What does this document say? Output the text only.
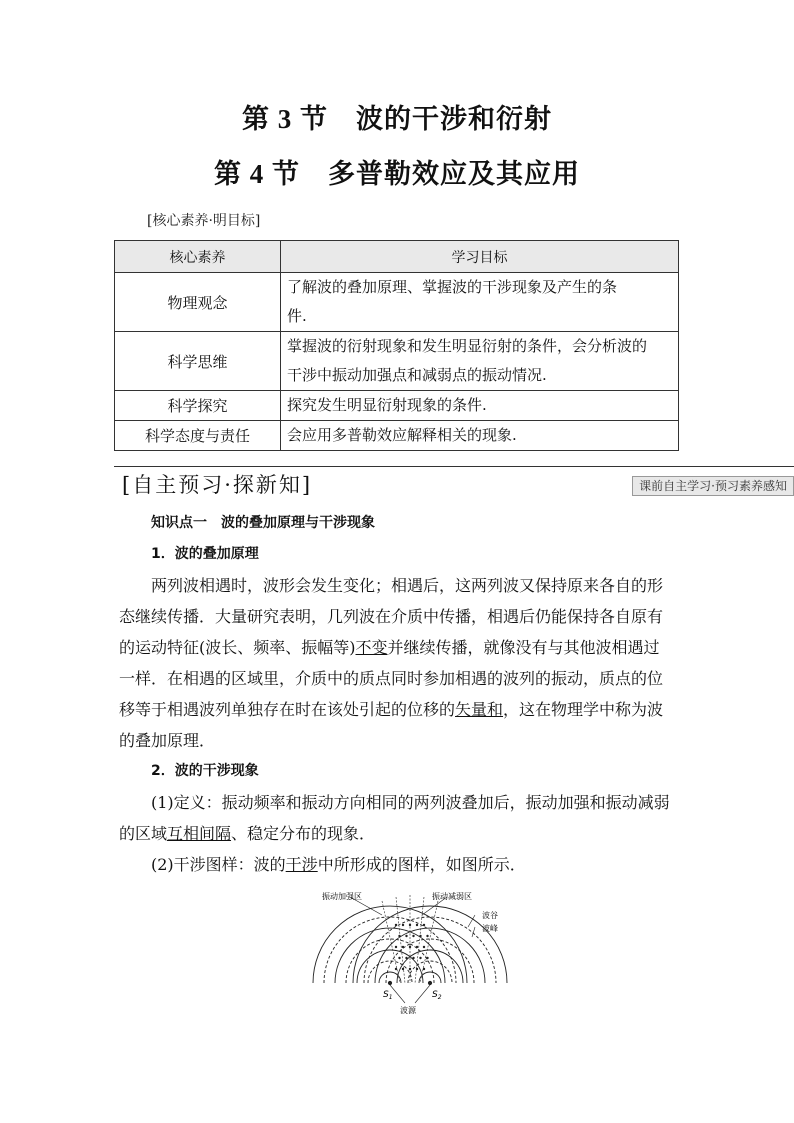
第 3 节　 波的干涉和衍射
第 4 节　 多普勒效应及其应用
[核心素养·明目标]
核心素养	学习目标
物理观念	了解波的叠加原理、掌握波的干涉现象及产生的条
件.
科学思维	掌握波的衍射现象和发生明显衍射的条件，会分析波的
干涉中振动加强点和减弱点的振动情况.
科学探究	探究发生明显衍射现象的条件.
科学态度与责任	会应用多普勒效应解释相关的现象.
[自主预习·探新知]	课前自主学习·预习素养感知
知识点一　波的叠加原理与干涉现象
1．波的叠加原理
两列波相遇时，波形会发生变化；相遇后，这两列波又保持原来各自的形态继续传播．大量研究表明，几列波在介质中传播，相遇后仍能保持各自原有的运动特征(波长、频率、振幅等)不变并继续传播，就像没有与其他波相遇过一样．在相遇的区域里，介质中的质点同时参加相遇的波列的振动，质点的位移等于相遇波列单独存在时在该处引起的位移的矢量和，这在物理学中称为波的叠加原理．
2．波的干涉现象
(1)定义：振动频率和振动方向相同的两列波叠加后，振动加强和振动减弱的区域互相间隔、稳定分布的现象．
(2)干涉图样：波的干涉中所形成的图样，如图所示．
振动加强区	振动减弱区
波谷
波峰
$S_1$	$S_2$
波源
